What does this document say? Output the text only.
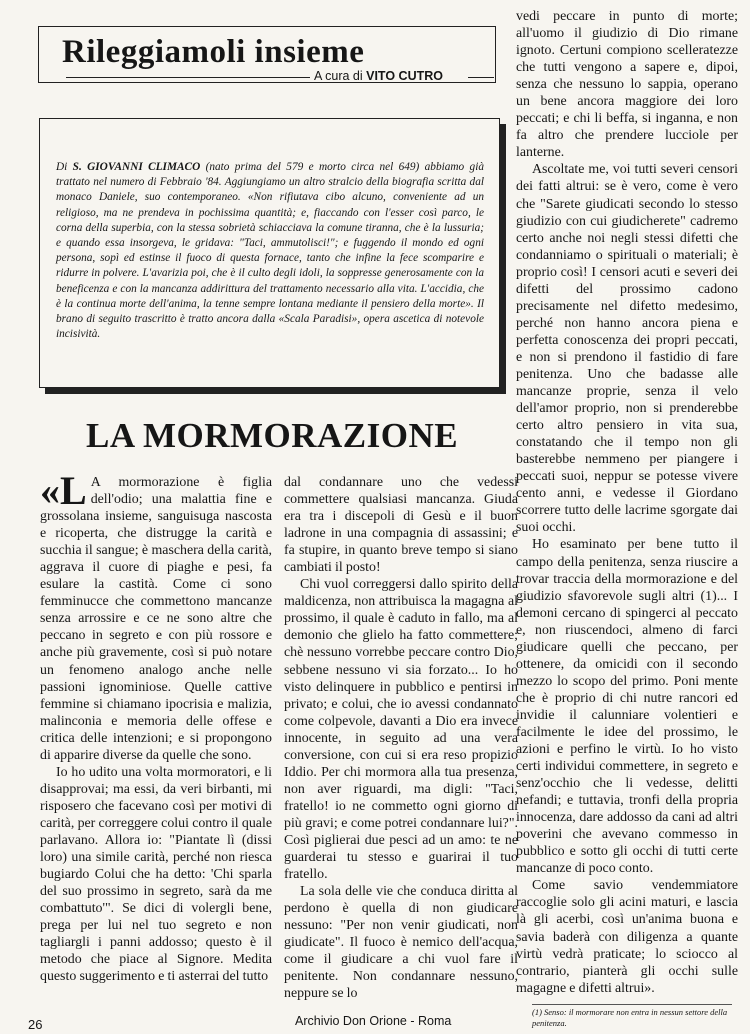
Rileggiamoli insieme
A cura di VITO CUTRO
Di S. GIOVANNI CLIMACO (nato prima del 579 e morto circa nel 649) abbiamo già trattato nel numero di Febbraio '84. Aggiungiamo un altro stralcio della biografia scritta dal monaco Daniele, suo contemporaneo. «Non rifiutava cibo alcuno, conveniente ad un religioso, ma ne prendeva in pochissima quantità; e, fiaccando con l'esser così parco, le corna della superbia, con la stessa sobrietà schiacciava la comune tiranna, che è la lussuria; e quando essa insorgeva, le gridava: "Taci, ammutolisci!"; e fuggendo il mondo ed ogni persona, sopì ed estinse il fuoco di questa fornace, tanto che infine la fece scomparire e ridurre in polvere. L'avarizia poi, che è il culto degli idoli, la soppresse generosamente con la beneficenza e con la mancanza addirittura del trattamento necessario alla vita. L'accidia, che è la continua morte dell'anima, la tenne sempre lontana mediante il pensiero della morte». Il brano di seguito trascritto è tratto ancora dalla «Scala Paradisi», opera ascetica di notevole incisività.
LA MORMORAZIONE

«L A mormorazione è figlia dell'odio; una malattia fine e grossolana insieme, sanguisuga nascosta e ricoperta, che distrugge la carità e succhia il sangue; è maschera della carità, aggrava il cuore di piaghe e pesi, fa esulare la castità. Come ci sono femminucce che commettono mancanze senza arrossire e ce ne sono altre che peccano in segreto e con più rossore e anche più gravemente, così si può notare un fenomeno analogo anche nelle passioni ignominiose. Quelle cattive femmine si chiamano ipocrisia e malizia, malinconia e memoria delle offese e critica delle intenzioni; e si propongono di apparire diverse da quelle che sono.

Io ho udito una volta mormoratori, e li disapprovai; ma essi, da veri birbanti, mi risposero che facevano così per motivi di carità, per correggere colui contro il quale parlavano. Allora io: "Piantate lì (dissi loro) una simile carità, perché non riesca bugiardo Colui che ha detto: 'Chi sparla del suo prossimo in segreto, sarà da me combattuto'". Se dici di volergli bene, prega per lui nel tuo segreto e non tagliargli i panni addosso; questo è il metodo che piace al Signore. Medita questo suggerimento e ti asterrai del tutto

dal condannare uno che vedessi commettere qualsiasi mancanza. Giuda era tra i discepoli di Gesù e il buon ladrone in una compagnia di assassini; e fa stupire, in quanto breve tempo si siano cambiati il posto!

Chi vuol correggersi dallo spirito della maldicenza, non attribuisca la magagna al prossimo, il quale è caduto in fallo, ma al demonio che glielo ha fatto commettere; chè nessuno vorrebbe peccare contro Dio, sebbene nessuno vi sia forzato... Io ho visto delinquere in pubblico e pentirsi in privato; e colui, che io avessi condannato come colpevole, davanti a Dio era invece innocente, in seguito ad una vera conversione, con cui si era reso propizio Iddio. Per chi mormora alla tua presenza, non aver riguardi, ma digli: "Taci, fratello! io ne commetto ogni giorno di più gravi; e come potrei condannare lui?". Così piglierai due pesci ad un amo: te ne guarderai tu stesso e guarirai il tuo fratello.

La sola delle vie che conduca diritta al perdono è quella di non giudicare nessuno: "Per non venir giudicati, non giudicate". Il fuoco è nemico dell'acqua, come il giudicare a chi vuol fare il penitente. Non condannare nessuno, neppure se lo

vedi peccare in punto di morte; all'uomo il giudizio di Dio rimane ignoto. Certuni compiono scelleratezze che tutti vengono a sapere e, dipoi, senza che nessuno lo sappia, operano un bene ancora maggiore dei loro peccati; e chi li beffa, si inganna, e non fa altro che prendere lucciole per lanterne.

Ascoltate me, voi tutti severi censori dei fatti altrui: se è vero, come è vero che "Sarete giudicati secondo lo stesso giudizio con cui giudicherete" cadremo certo anche noi negli stessi difetti che condanniamo o spirituali o materiali; è proprio così! I censori acuti e severi dei difetti del prossimo cadono precisamente nel difetto medesimo, perché non hanno ancora piena e perfetta conoscenza dei propri peccati, e non si prendono il fastidio di fare penitenza. Uno che badasse alle mancanze proprie, senza il velo dell'amor proprio, non si prenderebbe certo altro pensiero in vita sua, constatando che il tempo non gli basterebbe nemmeno per piangere i peccati suoi, neppur se potesse vivere cento anni, e vedesse il Giordano scorrere tutto delle lacrime sgorgate dai suoi occhi.

Ho esaminato per bene tutto il campo della penitenza, senza riuscire a trovar traccia della mormorazione e del giudizio sfavorevole sugli altri (1)... I demoni cercano di spingerci al peccato e, non riuscendoci, almeno di farci giudicare quelli che peccano, per ottenere, da omicidi con il secondo mezzo lo scopo del primo. Poni mente che è proprio di chi nutre rancori ed invidie il calunniare volentieri e facilmente le idee del prossimo, le azioni e perfino le virtù. Io ho visto certi individui commettere, in segreto e senz'occhio che li vedesse, delitti nefandi; e tuttavia, tronfi della propria innocenza, dare addosso da cani ad altri poverini che avevano commesso in pubblico e sotto gli occhi di tutti certe mancanze di poco conto.

Come savio vendemmiatore raccoglie solo gli acini maturi, e lascia là gli acerbi, così un'anima buona e savia baderà con diligenza a quante virtù vedrà praticate; lo sciocco al contrario, pianterà gli occhi sulle magagne e difetti altrui».

(1) Senso: il mormorare non entra in nessun settore della penitenza.
26	Archivio Don Orione - Roma
